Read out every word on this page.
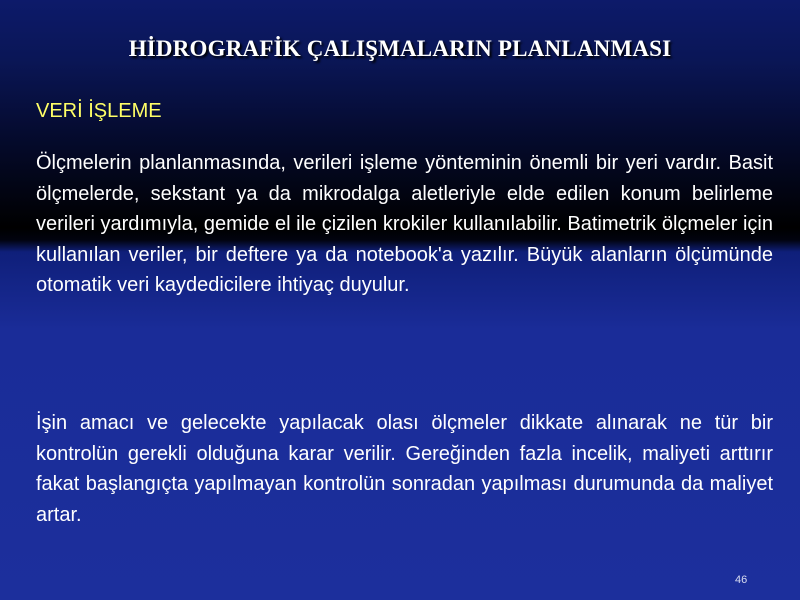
HİDROGRAFİK ÇALIŞMALARIN PLANLANMASI
VERİ İŞLEME

Ölçmelerin planlanmasında, verileri işleme yönteminin önemli bir yeri vardır. Basit ölçmelerde, sekstant ya da mikrodalga aletleriyle elde edilen konum belirleme verileri yardımıyla, gemide el ile çizilen krokiler kullanılabilir. Batimetrik ölçmeler için kullanılan veriler, bir deftere ya da notebook'a yazılır. Büyük alanların ölçümünde otomatik veri kaydedicilere ihtiyaç duyulur.

İşin amacı ve gelecekte yapılacak olası ölçmeler dikkate alınarak ne tür bir kontrolün gerekli olduğuna karar verilir. Gereğinden fazla incelik, maliyeti arttırır fakat başlangıçta yapılmayan kontrolün sonradan yapılması durumunda da maliyet artar.

46
